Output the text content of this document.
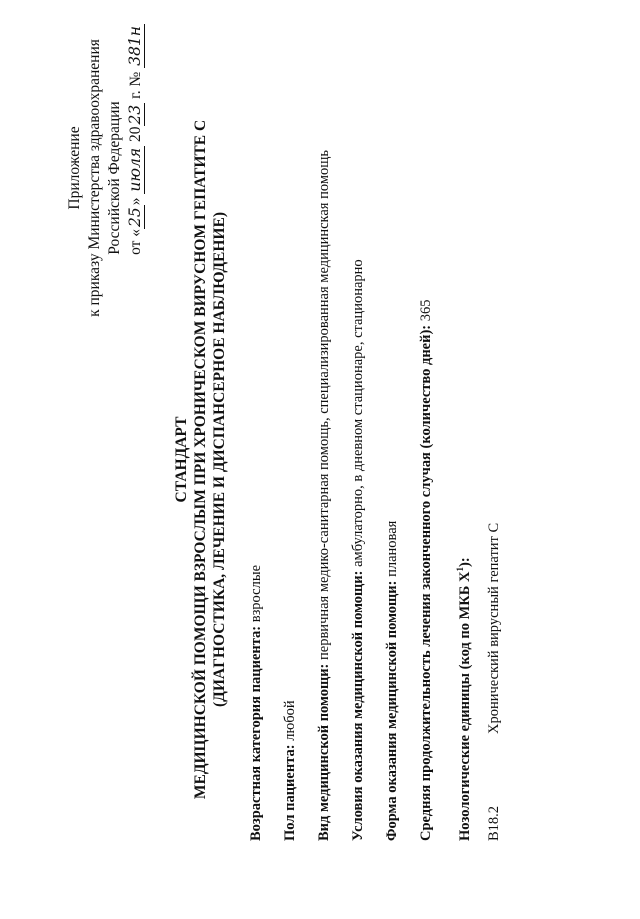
Приложение к приказу Министерства здравоохранения Российской Федерации от «25» июля 2023 г. № 381н
СТАНДАРТ МЕДИЦИНСКОЙ ПОМОЩИ ВЗРОСЛЫМ ПРИ ХРОНИЧЕСКОМ ВИРУСНОМ ГЕПАТИТЕ С (ДИАГНОСТИКА, ЛЕЧЕНИЕ И ДИСПАНСЕРНОЕ НАБЛЮДЕНИЕ)
Возрастная категория пациента: взрослые
Пол пациента: любой Вид медицинской помощи: первичная медико-санитарная помощь, специализированная медицинская помощь
Условия оказания медицинской помощи: амбулаторно, в дневном стационаре, стационарно
Форма оказания медицинской помощи: плановая Средняя продолжительность лечения законченного случая (количество дней): 365
Нозологические единицы (код по МКБ $X^1$):
B18.2
Хронический вирусный гепатит С
